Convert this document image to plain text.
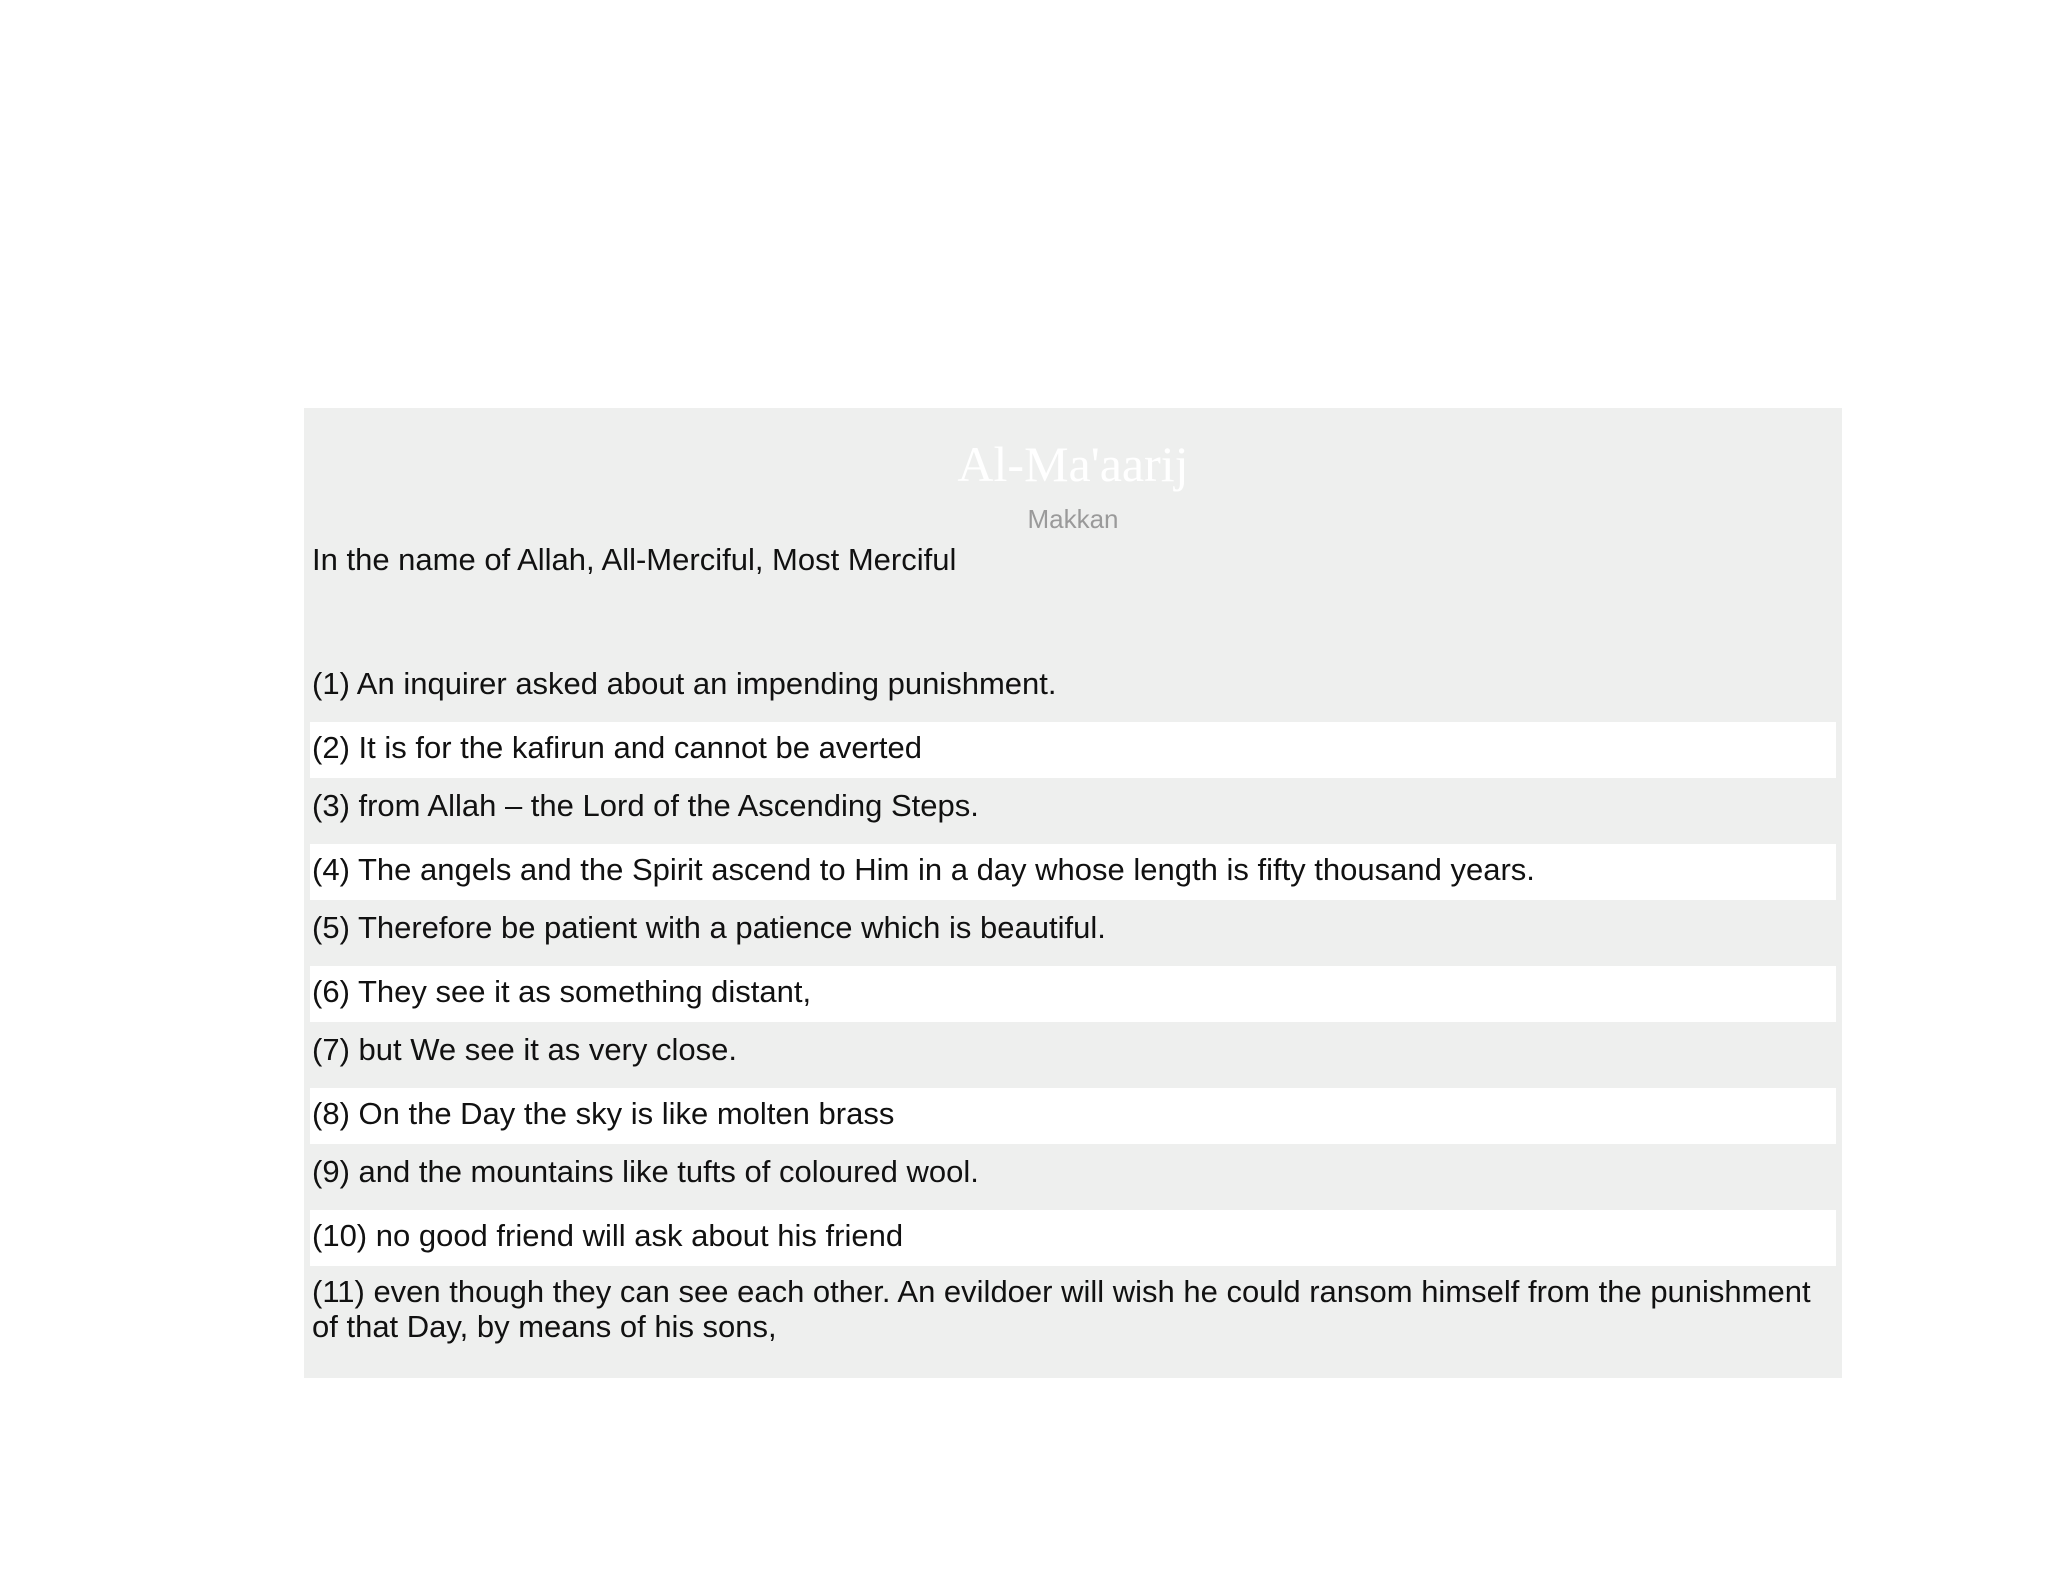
Al-Ma'aarij
Makkan
In the name of Allah, All-Merciful, Most Merciful
(1) An inquirer asked about an impending punishment.
(2) It is for the kafirun and cannot be averted
(3) from Allah – the Lord of the Ascending Steps.
(4) The angels and the Spirit ascend to Him in a day whose length is fifty thousand years.
(5) Therefore be patient with a patience which is beautiful.
(6) They see it as something distant,
(7) but We see it as very close.
(8) On the Day the sky is like molten brass
(9) and the mountains like tufts of coloured wool.
(10) no good friend will ask about his friend
(11) even though they can see each other. An evildoer will wish he could ransom himself from the punishment of that Day, by means of his sons,
